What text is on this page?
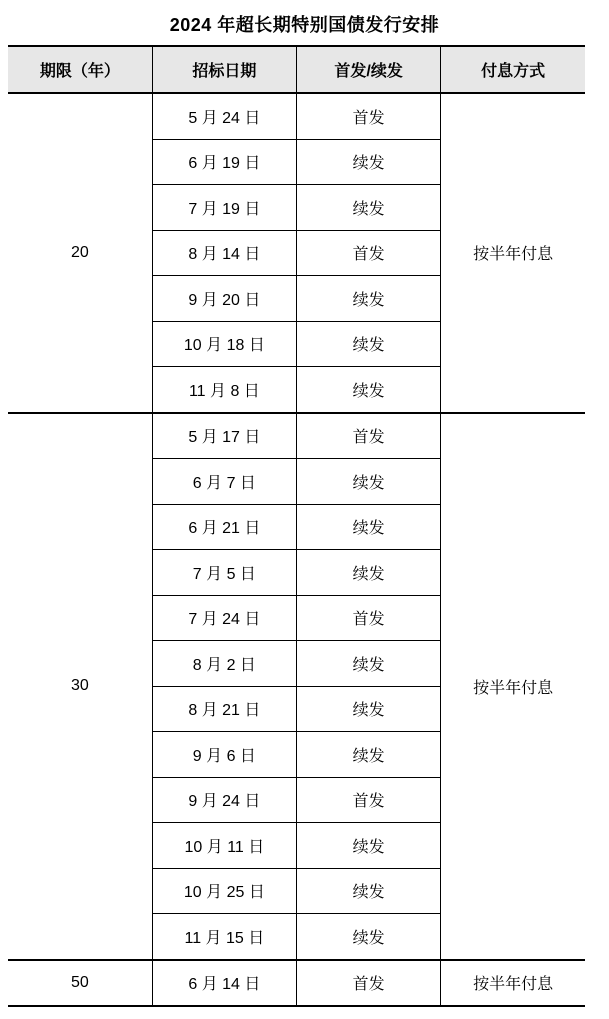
2024 年超长期特别国债发行安排
期限（年）	招标日期	首发/续发	付息方式
20	5 月 24 日	首发	按半年付息
	6 月 19 日	续发	
	7 月 19 日	续发	
	8 月 14 日	首发	
	9 月 20 日	续发	
	10 月 18 日	续发	
	11 月 8 日	续发	
30	5 月 17 日	首发	按半年付息
	6 月 7 日	续发	
	6 月 21 日	续发	
	7 月 5 日	续发	
	7 月 24 日	首发	
	8 月 2 日	续发	
	8 月 21 日	续发	
	9 月 6 日	续发	
	9 月 24 日	首发	
	10 月 11 日	续发	
	10 月 25 日	续发	
	11 月 15 日	续发	
50	6 月 14 日	首发	按半年付息
